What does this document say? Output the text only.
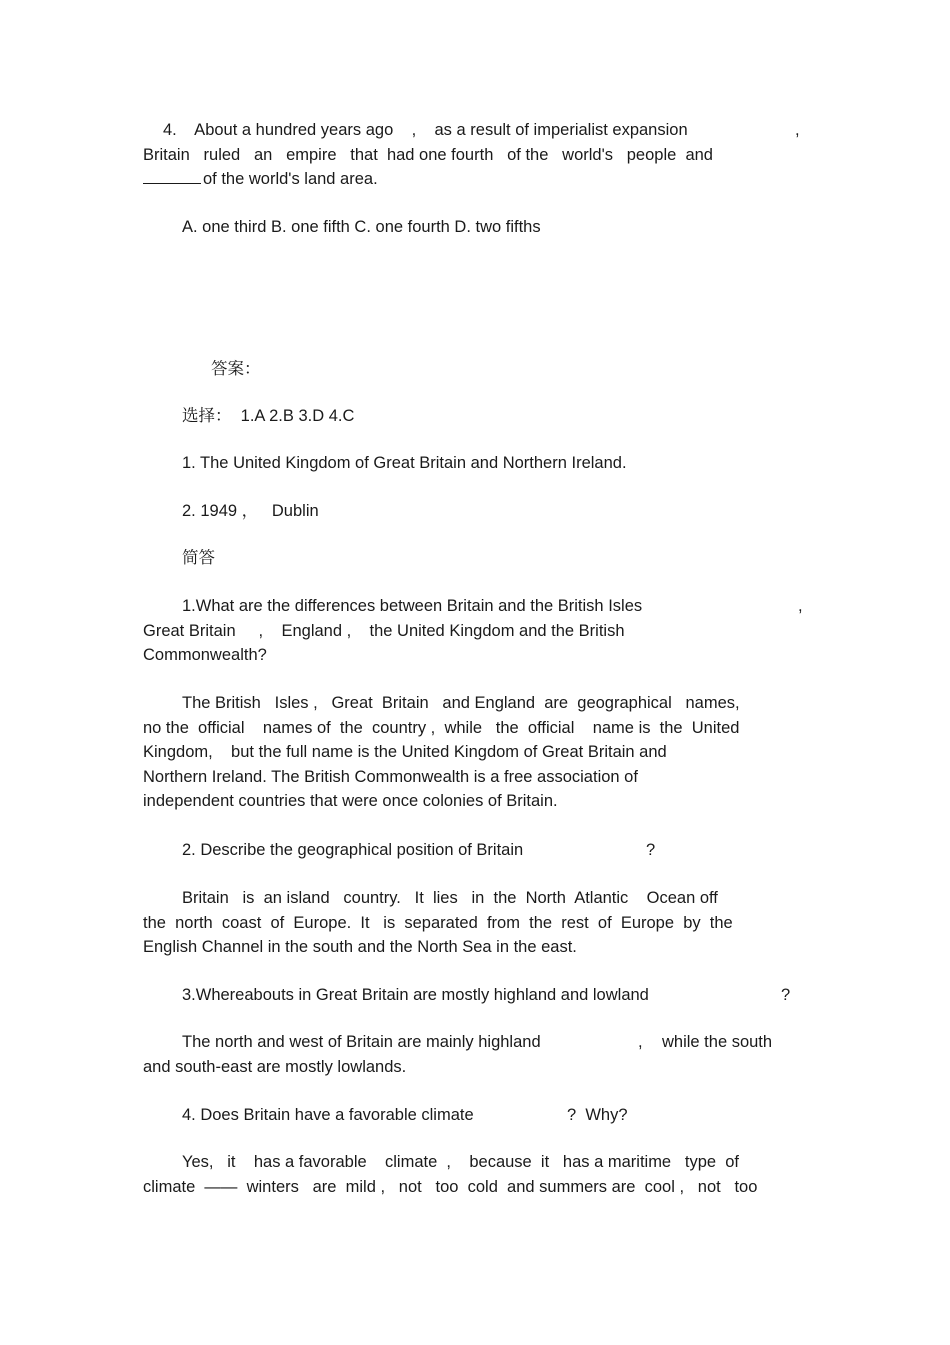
4.    About a hundred years ago    ,    as a result of imperialist expansion	,
Britain   ruled   an   empire   that  had one fourth   of the   world's   people  and
of the world's land area.
A. one third B. one fifth C. one fourth D. two fifths
答案：
选择：  1.A 2.B 3.D 4.C
1. The United Kingdom of Great Britain and Northern Ireland.
2. 1949 ，   Dublin
简答
1.What are the differences between Britain and the British Isles	,
Great Britain     ,    England ,    the United Kingdom and the British
Commonwealth?
The British   Isles ,   Great  Britain   and England  are  geographical   names,
no the  official    names of  the  country ,  while   the  official    name is  the  United
Kingdom,    but the full name is the United Kingdom of Great Britain and
Northern Ireland. The British Commonwealth is a free association of
independent countries that were once colonies of Britain.
2. Describe the geographical position of Britain	?
Britain   is  an island   country.   It  lies   in  the  North  Atlantic    Ocean off
the  north  coast  of  Europe.  It   is  separated  from  the  rest  of  Europe  by  the
English Channel in the south and the North Sea in the east.
3.Whereabouts in Great Britain are mostly highland and lowland	?
The north and west of Britain are mainly highland	, while the south
and south-east are mostly lowlands.
4. Does Britain have a favorable climate	?  Why?
Yes,   it    has a favorable    climate  ,    because  it   has a maritime   type  of
climate  ——  winters   are  mild ,   not   too  cold  and summers are  cool ,   not   too
